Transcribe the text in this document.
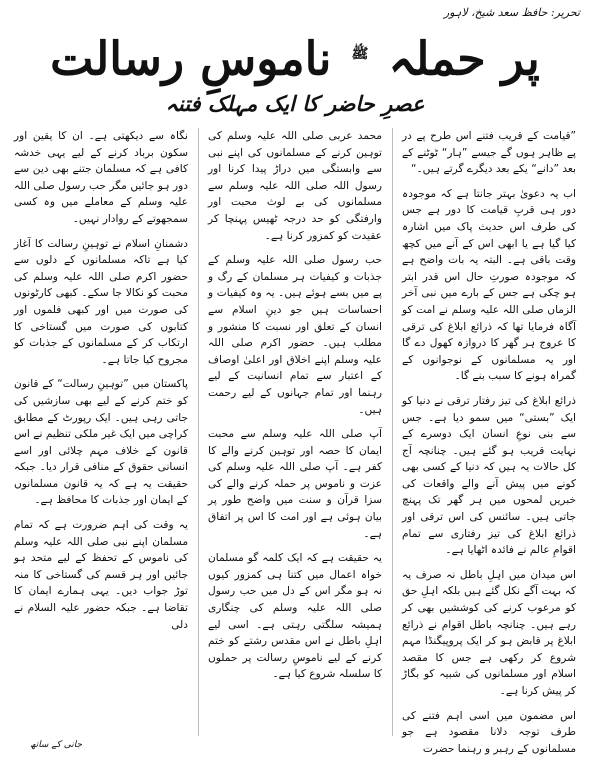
تحریر: حافظ سعد شیخ، لاہور
پر حملہ $^ﷺ$ ناموسِ رسالت
عصرِ حاضر کا ایک مہلک فتنہ

”قیامت کے قریب فتنے اس طرح پے در پے ظاہر ہوں گے جیسے ”ہار“ ٹوٹنے کے بعد ”دانے“ یکے بعد دیگرے گرتے ہیں۔“

اب یہ دعویٰ بہتر جانتا ہے کہ موجودہ دور ہی قربِ قیامت کا دور ہے جس کی طرف اس حدیث پاک میں اشارہ کیا گیا ہے یا ابھی اس کے آنے میں کچھ وقت باقی ہے۔ البتہ یہ بات واضح ہے کہ موجودہ صورتِ حال اس قدر ابتر ہو چکی ہے جس کے بارے میں نبی آخر الزماں صلی اللہ علیہ وسلم نے امت کو آگاہ فرمایا تھا کہ ذرائع ابلاغ کی ترقی کا عروج ہر گھر کا دروازہ کھول دے گا اور یہ مسلمانوں کے نوجوانوں کے گمراہ ہونے کا سبب بنے گا۔

ذرائع ابلاغ کی تیز رفتار ترقی نے دنیا کو ایک ”بستی“ میں سمو دیا ہے۔ جس سے بنی نوعِ انسان ایک دوسرے کے نہایت قریب ہو گئے ہیں۔ چنانچہ آج کل حالات یہ ہیں کہ دنیا کے کسی بھی کونے میں پیش آنے والے واقعات کی خبریں لمحوں میں ہر گھر تک پہنچ جاتی ہیں۔ سائنس کی اس ترقی اور ذرائع ابلاغ کی تیز رفتاری سے تمام اقوامِ عالم نے فائدہ اٹھایا ہے۔

اس میدان میں اہلِ باطل نہ صرف یہ کہ بہت آگے نکل گئے ہیں بلکہ اہلِ حق کو مرعوب کرنے کی کوششیں بھی کر رہے ہیں۔ چنانچہ باطل اقوام نے ذرائع ابلاغ پر قابض ہو کر ایک پروپیگنڈا مہم شروع کر رکھی ہے جس کا مقصد اسلام اور مسلمانوں کی شبیہ کو بگاڑ کر پیش کرنا ہے۔

اس مضمون میں اسی اہم فتنے کی طرف توجہ دلانا مقصود ہے جو مسلمانوں کے رہبر و رہنما حضرت

محمد عربی صلی اللہ علیہ وسلم کی توہین کرنے کے مسلمانوں کی اپنے نبی سے وابستگی میں دراڑ پیدا کرنا اور رسول اللہ صلی اللہ علیہ وسلم سے مسلمانوں کی بے لوث محبت اور وارفتگی کو حد درجہ ٹھیس پہنچا کر عقیدت کو کمزور کرنا ہے۔

حب رسول صلی اللہ علیہ وسلم کے جذبات و کیفیات ہر مسلمان کے رگ و پے میں بسے ہوئے ہیں۔ یہ وہ کیفیات و احساسات ہیں جو دینِ اسلام سے انسان کے تعلق اور نسبت کا منشور و مطلب ہیں۔ حضور اکرم صلی اللہ علیہ وسلم اپنے اخلاق اور اعلیٰ اوصاف کے اعتبار سے تمام انسانیت کے لیے رہنما اور تمام جہانوں کے لیے رحمت ہیں۔

آپ صلی اللہ علیہ وسلم سے محبت ایمان کا حصہ اور توہین کرنے والے کا کفر ہے۔ آپ صلی اللہ علیہ وسلم کی عزت و ناموس پر حملہ کرنے والے کی سزا قرآن و سنت میں واضح طور پر بیان ہوئی ہے اور امت کا اس پر اتفاق ہے۔

یہ حقیقت ہے کہ ایک کلمہ گو مسلمان خواہ اعمال میں کتنا ہی کمزور کیوں نہ ہو مگر اس کے دل میں حب رسول صلی اللہ علیہ وسلم کی چنگاری ہمیشہ سلگتی رہتی ہے۔ اسی لیے اہلِ باطل نے اس مقدس رشتے کو ختم کرنے کے لیے ناموسِ رسالت پر حملوں کا سلسلہ شروع کیا ہے۔

نگاہ سے دیکھتی ہے۔ ان کا یقین اور سکون برباد کرنے کے لیے یہی خدشہ کافی ہے کہ مسلمان جتنے بھی دین سے دور ہو جائیں مگر حب رسول صلی اللہ علیہ وسلم کے معاملے میں وہ کسی سمجھوتے کے روادار نہیں۔

دشمنانِ اسلام نے توہینِ رسالت کا آغاز کیا ہے تاکہ مسلمانوں کے دلوں سے حضور اکرم صلی اللہ علیہ وسلم کی محبت کو نکالا جا سکے۔ کبھی کارٹونوں کی صورت میں اور کبھی فلموں اور کتابوں کی صورت میں گستاخی کا ارتکاب کر کے مسلمانوں کے جذبات کو مجروح کیا جاتا ہے۔

پاکستان میں ”توہینِ رسالت“ کے قانون کو ختم کرنے کے لیے بھی سازشیں کی جاتی رہی ہیں۔ ایک رپورٹ کے مطابق کراچی میں ایک غیر ملکی تنظیم نے اس قانون کے خلاف مہم چلائی اور اسے انسانی حقوق کے منافی قرار دیا۔ جبکہ حقیقت یہ ہے کہ یہ قانون مسلمانوں کے ایمان اور جذبات کا محافظ ہے۔

یہ وقت کی اہم ضرورت ہے کہ تمام مسلمان اپنے نبی صلی اللہ علیہ وسلم کی ناموس کے تحفظ کے لیے متحد ہو جائیں اور ہر قسم کی گستاخی کا منہ توڑ جواب دیں۔ یہی ہمارے ایمان کا تقاضا ہے۔ جبکہ حضور علیہ السلام نے دلی

جانی کے ساتھ
